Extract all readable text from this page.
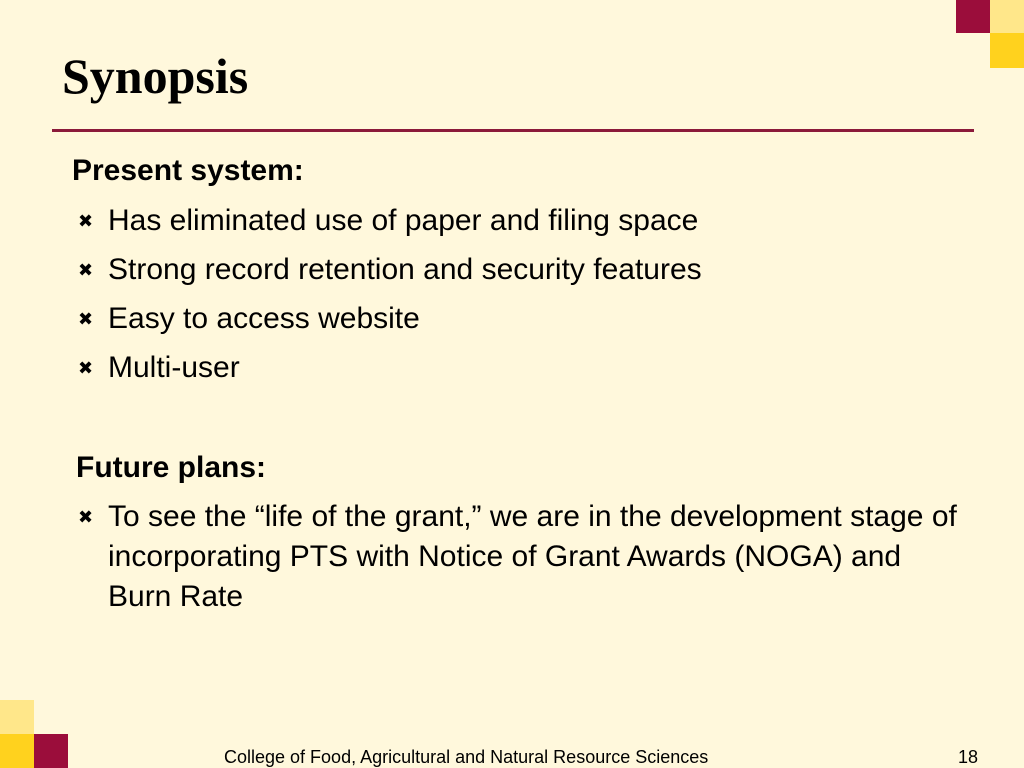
Synopsis
Present system:
✖ Has eliminated use of paper and filing space
✖ Strong record retention and security features
✖ Easy to access website
✖ Multi-user
Future plans:
✖ To see the “life of the grant,” we are in the development stage of incorporating PTS with Notice of Grant Awards (NOGA) and Burn Rate
College of Food, Agricultural and Natural Resource Sciences	18
